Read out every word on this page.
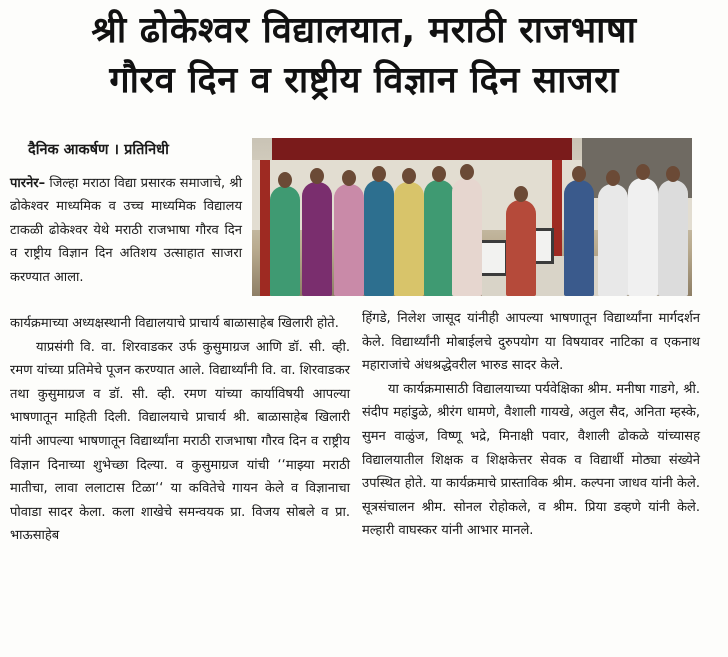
श्री ढोकेश्वर विद्यालयात, मराठी राजभाषा
गौरव दिन व राष्ट्रीय विज्ञान दिन साजरा
दैनिक आकर्षण । प्रतिनिधी

पारनेर– जिल्हा मराठा विद्या प्रसारक समाजाचे, श्री ढोकेश्वर माध्यमिक व उच्च माध्यमिक विद्यालय टाकळी ढोकेश्वर येथे मराठी राजभाषा गौरव दिन व राष्ट्रीय विज्ञान दिन अतिशय उत्साहात साजरा करण्यात आला.

कार्यक्रमाच्या अध्यक्षस्थानी विद्यालयाचे प्राचार्य बाळासाहेब खिलारी होते.

याप्रसंगी वि. वा. शिरवाडकर उर्फ कुसुमाग्रज आणि डॉ. सी. व्ही. रमण यांच्या प्रतिमेचे पूजन करण्यात आले. विद्यार्थ्यांनी वि. वा. शिरवाडकर तथा कुसुमाग्रज व डॉ. सी. व्ही. रमण यांच्या कार्याविषयी आपल्या भाषणातून माहिती दिली. विद्यालयाचे प्राचार्य श्री. बाळासाहेब खिलारी यांनी आपल्या भाषणातून विद्यार्थ्यांना मराठी राजभाषा गौरव दिन व राष्ट्रीय विज्ञान दिनाच्या शुभेच्छा दिल्या. व कुसुमाग्रज यांची ‘‘माझ्या मराठी मातीचा, लावा ललाटास टिळा‘‘ या कवितेचे गायन केले व विज्ञानाचा पोवाडा सादर केला. कला शाखेचे समन्वयक प्रा. विजय सोबले व प्रा. भाऊसाहेब

हिंगडे, निलेश जासूद यांनीही आपल्या भाषणातून विद्यार्थ्यांना मार्गदर्शन केले. विद्यार्थ्यांनी मोबाईलचे दुरुपयोग या विषयावर नाटिका व एकनाथ महाराजांचे अंधश्रद्धेवरील भारुड सादर केले.

या कार्यक्रमासाठी विद्यालयाच्या पर्यवेक्षिका श्रीम. मनीषा गाडगे, श्री. संदीप महांडुळे, श्रीरंग धामणे, वैशाली गायखे, अतुल सैद, अनिता म्हस्के, सुमन वाळुंज, विष्णू भद्रे, मिनाक्षी पवार, वैशाली ढोकळे यांच्यासह विद्यालयातील शिक्षक व शिक्षकेत्तर सेवक व विद्यार्थी मोठ्या संख्येने उपस्थित होते. या कार्यक्रमाचे प्रास्ताविक श्रीम. कल्पना जाधव यांनी केले. सूत्रसंचालन श्रीम. सोनल रोहोकले, व श्रीम. प्रिया डव्हणे यांनी केले. मल्हारी वाघस्कर यांनी आभार मानले.
